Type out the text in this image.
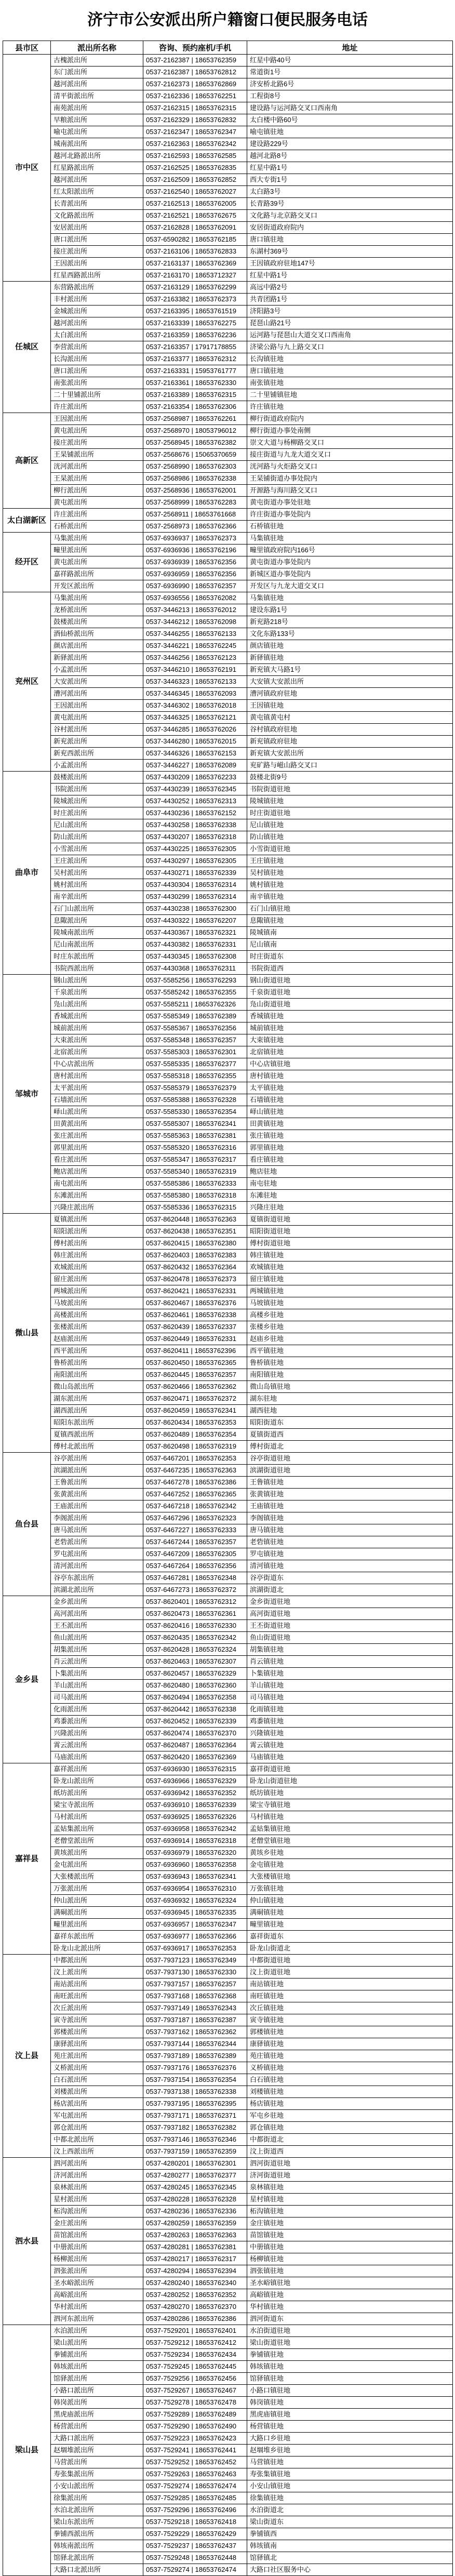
济宁市公安派出所户籍窗口便民服务电话
县市区	派出所名称	咨询、预约座机/手机	地址
市中区	古槐派出所	0537-2162387 | 18653762359	红星中路40号
	东门派出所	0537-2162387 | 18653762812	常道街1号
	越河派出所	0537-2162373 | 18653762869	济安桥北路6号
	清平街派出所	0537-2162336 | 18653762251	工程街8号
	南苑派出所	0537-2162315 | 18653762315	建设路与运河路交叉口西南角
	早粮派出所	0537-2162329 | 18653762832	太白楼中路60号
	喻屯派出所	0537-2162347 | 18653762347	喻屯镇驻地
	城南派出所	0537-2162363 | 18653762342	建设路229号
	越河北路派出所	0537-2162593 | 18653762585	越河北路8号
	红星路派出所	0537-2162525 | 18653762835	红星中路1号
	越河派出所	0537-2162509 | 18653762852	西大专街1号
	红太阳派出所	0537-2162540 | 18653762027	太白路3号
	长青派出所	0537-2162513 | 18653762005	长青路39号
	文化路派出所	0537-2162521 | 18653762675	文化路与北京路交叉口
	安居派出所	0537-2162828 | 18653762091	安居街道政府院内
	唐口派出所	0537-6590282 | 18653762185	唐口镇驻地
	接庄派出所	0537-2163106 | 18653762833	东湖村369号
	王因派出所	0537-2163137 | 18653762369	王因镇政府驻地147号
	红星西路派出所	0537-2163170 | 18653712327	红星中路1号
任城区	东营路派出所	0537-2163129 | 18653762299	高远中路2号
	丰村派出所	0537-2163382 | 18653762373	共青团路1号
	金城派出所	0537-2163395 | 18653761519	济阳路3号
	越河派出所	0537-2163339 | 18653762275	琵琶山路21号
	太白派出所	0537-2163359 | 18653762236	运河路与琵琶山大道交叉口西南角
	李营派出所	0537-2163357 | 17917178855	济梁公路与九上路交叉口
	长沟派出所	0537-2163377 | 18653762312	长沟镇驻地
	唐口派出所	0537-2163331 | 15953761777	唐口镇驻地
	南张派出所	0537-2163361 | 18653762330	南张镇驻地
	二十里铺派出所	0537-2163389 | 18653762315	二十里铺镇驻地
	许庄派出所	0537-2163354 | 18653762306	许庄镇驻地
高新区	王因派出所	0537-2568987 | 18653762261	柳行街道政府院内
	黄屯派出所	0537-2568970 | 18053796012	柳行街道办事处南侧
	接庄派出所	0537-2568945 | 18653762382	崇文大道与杨柳路交叉口
	王杲铺派出所	0537-2568676 | 15065370659	接庄街道与九龙大道交叉口
	洸河派出所	0537-2568990 | 18653762303	洸河路与火炬路交叉口
	王杲派出所	0537-2568986 | 18653762338	王杲铺街道办事处院内
	柳行派出所	0537-2568936 | 18653762001	开源路与海川路交叉口
	黄屯派出所	0537-2568999 | 18653762283	黄屯街道办事处驻地
太白湖新区	许庄派出所	0537-2568911 | 18653761668	许庄街道办事处院内
	石桥派出所	0537-2568973 | 18653762366	石桥镇驻地
经开区	马集派出所	0537-6936937 | 18653762373	马集镇驻地
	疃里派出所	0537-6936936 | 18653762196	疃里镇政府院内166号
	黄屯派出所	0537-6936939 | 18653762356	黄屯街道办事处院内
	嘉祥路派出所	0537-6936959 | 18653762356	新城区道办事处院内
	开发区派出所	0537-6936990 | 18653762357	开发区与九龙大道交叉口
兖州区	马集派出所	0537-6936556 | 18653762082	马集镇驻地
	龙桥派出所	0537-3446213 | 18653762012	建设东路1号
	鼓楼派出所	0537-3446212 | 18653762098	新兖路218号
	酒仙桥派出所	0537-3446255 | 18653762133	文化东路133号
	颜店派出所	0537-3446221 | 18653762245	颜店镇驻地
	新驿派出所	0537-3446256 | 18653762123	新驿镇驻地
	小孟派出所	0537-3446210 | 18653762191	新兖镇大马路1号
	大安派出所	0537-3446323 | 18653762133	大安镇大安派出所
	漕河派出所	0537-3446345 | 18653762093	漕河镇政府驻地
	王因派出所	0537-3446302 | 18653762018	王因镇驻地
	黄屯派出所	0537-3446325 | 18653762121	黄屯镇黄屯村
	谷村派出所	0537-3446285 | 18653762026	谷村镇政府驻地
	新兖派出所	0537-3446280 | 18653762015	新兖镇政府驻地
	新兖西派出所	0537-3446326 | 18653762153	新兖镇大安派出所
	小孟派出所	0537-3446227 | 18653762089	兖矿路与嵫山路交叉口
曲阜市	鼓楼派出所	0537-4430209 | 18653762233	鼓楼北街9号
	书院派出所	0537-4430239 | 18653762345	书院街道驻地
	陵城派出所	0537-4430252 | 18653762313	陵城镇驻地
	时庄派出所	0537-4430236 | 18653762152	时庄街道驻地
	尼山派出所	0537-4430258 | 18653762338	尼山镇驻地
	防山派出所	0537-4430207 | 18653762318	防山镇驻地
	小雪派出所	0537-4430225 | 18653762305	小雪街道驻地
	王庄派出所	0537-4430297 | 18653762305	王庄镇驻地
	吴村派出所	0537-4430271 | 18653762339	吴村镇驻地
	姚村派出所	0537-4430304 | 18653762314	姚村镇驻地
	南辛派出所	0537-4430299 | 18653762314	南辛镇驻地
	石门山派出所	0537-4430238 | 18653762300	石门山镇驻地
	息陬派出所	0537-4430322 | 18653762207	息陬镇驻地
	陵城南派出所	0537-4430367 | 18653762321	陵城镇南
	尼山南派出所	0537-4430382 | 18653762331	尼山镇南
	时庄东派出所	0537-4430345 | 18653762308	时庄街道东
	书院西派出所	0537-4430368 | 18653762311	书院街道西
邹城市	钢山派出所	0537-5585256 | 18653762293	钢山街道驻地
	千泉派出所	0537-5585242 | 18653762355	千泉街道驻地
	凫山派出所	0537-5585211 | 18653762326	凫山街道驻地
	香城派出所	0537-5585349 | 18653762389	香城镇驻地
	城前派出所	0537-5585367 | 18653762356	城前镇驻地
	大束派出所	0537-5585348 | 18653762357	大束镇驻地
	北宿派出所	0537-5585303 | 18653762301	北宿镇驻地
	中心店派出所	0537-5585335 | 18653762377	中心店镇驻地
	唐村派出所	0537-5585318 | 18653762355	唐村镇驻地
	太平派出所	0537-5585379 | 18653762379	太平镇驻地
	石墙派出所	0537-5585388 | 18653762328	石墙镇驻地
	峄山派出所	0537-5585330 | 18653762354	峄山镇驻地
	田黄派出所	0537-5585307 | 18653762341	田黄镇驻地
	张庄派出所	0537-5585363 | 18653762381	张庄镇驻地
	郭里派出所	0537-5585320 | 18653762316	郭里镇驻地
	看庄派出所	0537-5585347 | 18653762317	看庄镇驻地
	鲍店派出所	0537-5585340 | 18653762319	鲍店驻地
	南屯派出所	0537-5585386 | 18653762333	南屯驻地
	东滩派出所	0537-5585380 | 18653762318	东滩驻地
	兴隆庄派出所	0537-5585336 | 18653762315	兴隆庄驻地
微山县	夏镇派出所	0537-8620448 | 18653762363	夏镇街道驻地
	昭阳派出所	0537-8620438 | 18653762351	昭阳街道驻地
	傅村派出所	0537-8620415 | 18653762380	傅村街道驻地
	韩庄派出所	0537-8620403 | 18653762383	韩庄镇驻地
	欢城派出所	0537-8620432 | 18653762364	欢城镇驻地
	留庄派出所	0537-8620478 | 18653762373	留庄镇驻地
	两城派出所	0537-8620421 | 18653762331	两城镇驻地
	马坡派出所	0537-8620467 | 18653762376	马坡镇驻地
	高楼派出所	0537-8620461 | 18653762338	高楼乡驻地
	张楼派出所	0537-8620439 | 18653762337	张楼乡驻地
	赵庙派出所	0537-8620449 | 18653762331	赵庙乡驻地
	西平派出所	0537-8620411 | 18653762396	西平镇驻地
	鲁桥派出所	0537-8620450 | 18653762365	鲁桥镇驻地
	南阳派出所	0537-8620445 | 18653762357	南阳镇驻地
	微山岛派出所	0537-8620466 | 18653762362	微山岛镇驻地
	湖东派出所	0537-8620471 | 18653762372	湖东驻地
	湖西派出所	0537-8620459 | 18653762341	湖西驻地
	昭阳东派出所	0537-8620434 | 18653762353	昭阳街道东
	夏镇西派出所	0537-8620489 | 18653762354	夏镇街道西
	傅村北派出所	0537-8620498 | 18653762319	傅村街道北
鱼台县	谷亭派出所	0537-6467201 | 18653762353	谷亭街道驻地
	滨湖派出所	0537-6467235 | 18653762363	滨湖街道驻地
	王鲁派出所	0537-6467278 | 18653762386	王鲁镇驻地
	张黄派出所	0537-6467252 | 18653762365	张黄镇驻地
	王庙派出所	0537-6467218 | 18653762342	王庙镇驻地
	李阁派出所	0537-6467296 | 18653762323	李阁镇驻地
	唐马派出所	0537-6467227 | 18653762333	唐马镇驻地
	老砦派出所	0537-6467244 | 18653762357	老砦镇驻地
	罗屯派出所	0537-6467209 | 18653762305	罗屯镇驻地
	清河派出所	0537-6467264 | 18653762356	清河镇驻地
	谷亭东派出所	0537-6467281 | 18653762348	谷亭街道东
	滨湖北派出所	0537-6467273 | 18653762372	滨湖街道北
金乡县	金乡派出所	0537-8620401 | 18653762312	金乡街道驻地
	高河派出所	0537-8620473 | 18653762361	高河街道驻地
	王丕派出所	0537-8620416 | 18653762330	王丕街道驻地
	鱼山派出所	0537-8620435 | 18653762342	鱼山街道驻地
	胡集派出所	0537-8620428 | 18653762324	胡集镇驻地
	肖云派出所	0537-8620463 | 18653762307	肖云镇驻地
	卜集派出所	0537-8620457 | 18653762329	卜集镇驻地
	羊山派出所	0537-8620480 | 18653762360	羊山镇驻地
	司马派出所	0537-8620494 | 18653762358	司马镇驻地
	化雨派出所	0537-8620442 | 18653762338	化雨镇驻地
	鸡黍派出所	0537-8620452 | 18653762339	鸡黍镇驻地
	兴隆派出所	0537-8620474 | 18653762370	兴隆镇驻地
	霄云派出所	0537-8620487 | 18653762364	霄云镇驻地
	马庙派出所	0537-8620420 | 18653762369	马庙镇驻地
嘉祥县	嘉祥派出所	0537-6936930 | 18653762315	嘉祥街道驻地
	卧龙山派出所	0537-6936966 | 18653762329	卧龙山街道驻地
	纸坊派出所	0537-6936942 | 18653762352	纸坊镇驻地
	梁宝寺派出所	0537-6936910 | 18653762339	梁宝寺镇驻地
	马村派出所	0537-6936925 | 18653762326	马村镇驻地
	孟姑集派出所	0537-6936958 | 18653762342	孟姑集镇驻地
	老僧堂派出所	0537-6936914 | 18653762318	老僧堂镇驻地
	黄垓派出所	0537-6936979 | 18653762320	黄垓乡驻地
	金屯派出所	0537-6936960 | 18653762358	金屯镇驻地
	大张楼派出所	0537-6936943 | 18653762341	大张楼镇驻地
	万张派出所	0537-6936954 | 18653762310	万张镇驻地
	仲山派出所	0537-6936932 | 18653762324	仲山镇驻地
	满硐派出所	0537-6936945 | 18653762335	满硐镇驻地
	疃里派出所	0537-6936957 | 18653762347	疃里镇驻地
	嘉祥东派出所	0537-6936977 | 18653762366	嘉祥街道东
	卧龙山北派出所	0537-6936917 | 18653762353	卧龙山街道北
汶上县	中都派出所	0537-7937123 | 18653762349	中都街道驻地
	汶上派出所	0537-7937130 | 18653762330	汶上街道驻地
	南站派出所	0537-7937157 | 18653762357	南站镇驻地
	南旺派出所	0537-7937168 | 18653762368	南旺镇驻地
	次丘派出所	0537-7937149 | 18653762343	次丘镇驻地
	寅寺派出所	0537-7937187 | 18653762387	寅寺镇驻地
	郭楼派出所	0537-7937162 | 18653762362	郭楼镇驻地
	康驿派出所	0537-7937144 | 18653762344	康驿镇驻地
	苑庄派出所	0537-7937189 | 18653762389	苑庄镇驻地
	义桥派出所	0537-7937176 | 18653762376	义桥镇驻地
	白石派出所	0537-7937154 | 18653762354	白石镇驻地
	刘楼派出所	0537-7937138 | 18653762338	刘楼镇驻地
	杨店派出所	0537-7937195 | 18653762395	杨店镇驻地
	军屯派出所	0537-7937171 | 18653762371	军屯乡驻地
	郭仓派出所	0537-7937182 | 18653762382	郭仓镇驻地
	中都北派出所	0537-7937146 | 18653762346	中都街道北
	汶上西派出所	0537-7937159 | 18653762359	汶上街道西
泗水县	泗河派出所	0537-4280201 | 18653762301	泗河街道驻地
	济河派出所	0537-4280277 | 18653762377	济河街道驻地
	泉林派出所	0537-4280245 | 18653762345	泉林镇驻地
	星村派出所	0537-4280228 | 18653762328	星村镇驻地
	柘沟派出所	0537-4280236 | 18653762336	柘沟镇驻地
	金庄派出所	0537-4280259 | 18653762359	金庄镇驻地
	苗馆派出所	0537-4280263 | 18653762363	苗馆镇驻地
	中册派出所	0537-4280281 | 18653762381	中册镇驻地
	杨柳派出所	0537-4280217 | 18653762317	杨柳镇驻地
	泗张派出所	0537-4280294 | 18653762394	泗张镇驻地
	圣水峪派出所	0537-4280240 | 18653762340	圣水峪镇驻地
	高峪派出所	0537-4280252 | 18653762352	高峪镇驻地
	华村派出所	0537-4280270 | 18653762370	华村镇驻地
	泗河东派出所	0537-4280286 | 18653762386	泗河街道东
梁山县	水泊派出所	0537-7529201 | 18653762401	水泊街道驻地
	梁山派出所	0537-7529212 | 18653762412	梁山街道驻地
	拳铺派出所	0537-7529234 | 18653762434	拳铺镇驻地
	韩垓派出所	0537-7529245 | 18653762445	韩垓镇驻地
	馆驿派出所	0537-7529256 | 18653762456	馆驿镇驻地
	小路口派出所	0537-7529267 | 18653762467	小路口镇驻地
	韩岗派出所	0537-7529278 | 18653762478	韩岗镇驻地
	黑虎庙派出所	0537-7529289 | 18653762489	黑虎庙镇驻地
	杨营派出所	0537-7529290 | 18653762490	杨营镇驻地
	大路口派出所	0537-7529223 | 18653762423	大路口乡驻地
	赵堌堆派出所	0537-7529241 | 18653762441	赵堌堆乡驻地
	马营派出所	0537-7529252 | 18653762452	马营镇驻地
	寿张集派出所	0537-7529263 | 18653762463	寿张集镇驻地
	小安山派出所	0537-7529274 | 18653762474	小安山镇驻地
	徐集派出所	0537-7529285 | 18653762485	徐集镇驻地
	水泊北派出所	0537-7529296 | 18653762496	水泊街道北
	梁山东派出所	0537-7529218 | 18653762418	梁山街道东
	拳铺西派出所	0537-7529229 | 18653762429	拳铺镇西
	韩垓南派出所	0537-7529237 | 18653762437	韩垓镇南
	馆驿北派出所	0537-7529248 | 18653762448	馆驿镇北
	大路口北派出所	0537-7529274 | 18653762474	大路口社区服务中心
